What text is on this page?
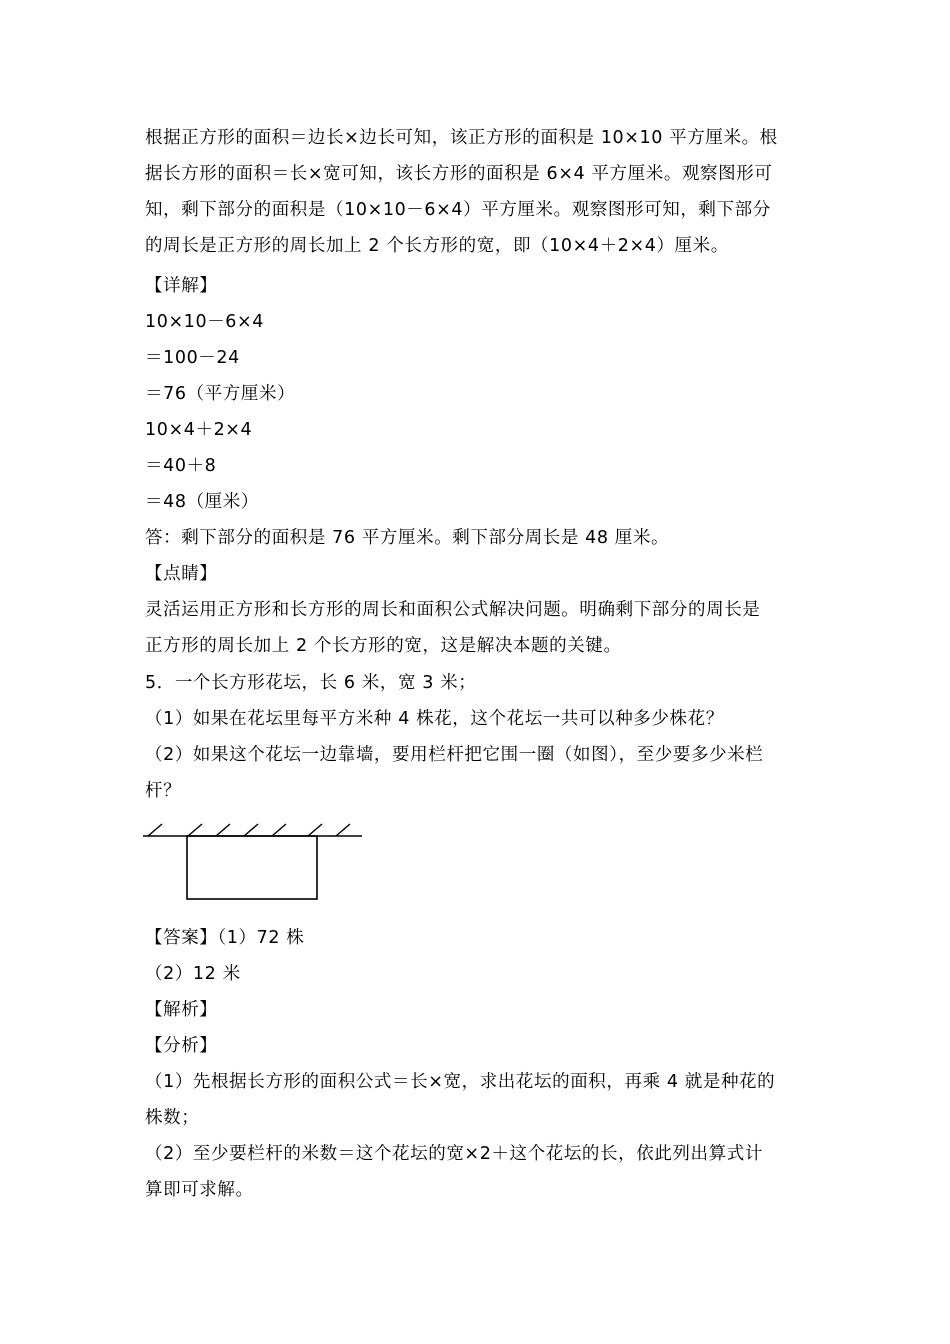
根据正方形的面积＝边长×边长可知，该正方形的面积是 10×10 平方厘米。根
据长方形的面积＝长×宽可知，该长方形的面积是 6×4 平方厘米。观察图形可
知，剩下部分的面积是（10×10－6×4）平方厘米。观察图形可知，剩下部分
的周长是正方形的周长加上 2 个长方形的宽，即（10×4＋2×4）厘米。
【详解】
10×10－6×4
＝100－24
＝76（平方厘米）
10×4＋2×4
＝40＋8
＝48（厘米）
答：剩下部分的面积是 76 平方厘米。剩下部分周长是 48 厘米。
【点睛】
灵活运用正方形和长方形的周长和面积公式解决问题。明确剩下部分的周长是
正方形的周长加上 2 个长方形的宽，这是解决本题的关键。
5．一个长方形花坛，长 6 米，宽 3 米；
（1）如果在花坛里每平方米种 4 株花，这个花坛一共可以种多少株花？
（2）如果这个花坛一边靠墙，要用栏杆把它围一圈（如图），至少要多少米栏
杆？
【答案】（1）72 株
（2）12 米
【解析】
【分析】
（1）先根据长方形的面积公式＝长×宽，求出花坛的面积，再乘 4 就是种花的
株数；
（2）至少要栏杆的米数＝这个花坛的宽×2＋这个花坛的长，依此列出算式计
算即可求解。
